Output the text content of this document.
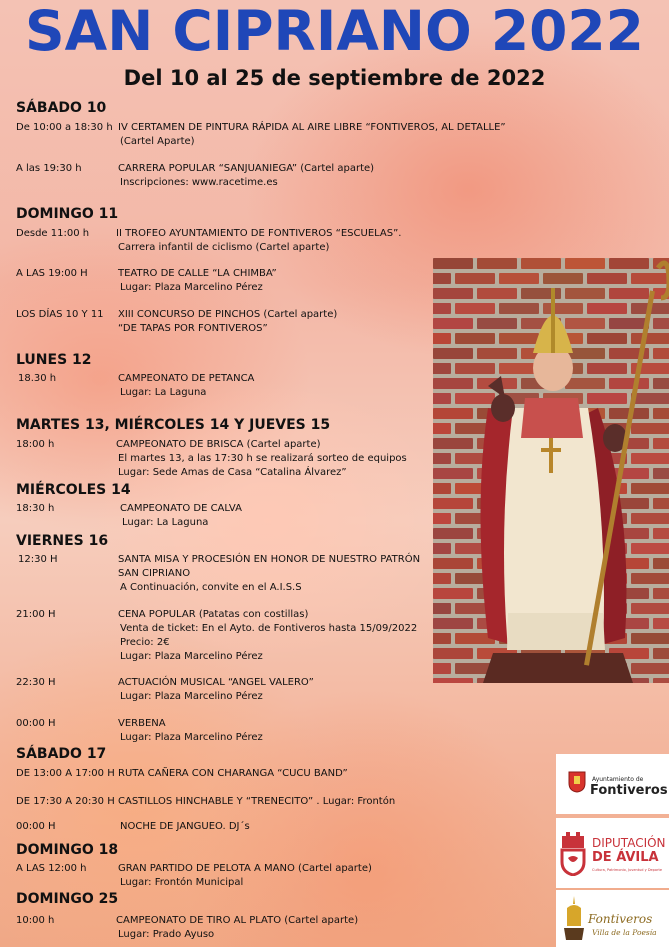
SAN CIPRIANO 2022
Del 10 al 25 de septiembre de 2022
SÁBADO 10
De 10:00 a 18:30 h IV CERTAMEN DE PINTURA RÁPIDA AL AIRE LIBRE “FONTIVEROS, AL DETALLE”
(Cartel Aparte)
A las 19:30 h	CARRERA POPULAR “SANJUANIEGA” (Cartel aparte)
Inscripciones: www.racetime.es
DOMINGO 11
Desde 11:00 h	II TROFEO AYUNTAMIENTO DE FONTIVEROS “ESCUELAS”.
Carrera infantil de ciclismo (Cartel aparte)
A LAS 19:00 H	TEATRO DE CALLE “LA CHIMBA”
Lugar: Plaza Marcelino Pérez
LOS DÍAS 10 Y 11 XIII CONCURSO DE PINCHOS (Cartel aparte)
“DE TAPAS POR FONTIVEROS”
LUNES 12
18.30 h	CAMPEONATO DE PETANCA
Lugar: La Laguna
MARTES 13, MIÉRCOLES 14 Y JUEVES 15
18:00 h	CAMPEONATO DE BRISCA (Cartel aparte)
El martes 13, a las 17:30 h se realizará sorteo de equipos
Lugar: Sede Amas de Casa “Catalina Álvarez”
MIÉRCOLES 14
18:30 h	CAMPEONATO DE CALVA
Lugar: La Laguna
VIERNES 16
12:30 H	SANTA MISA Y PROCESIÓN EN HONOR DE NUESTRO PATRÓN
SAN CIPRIANO
A Continuación, convite en el A.I.S.S
21:00 H	CENA POPULAR (Patatas con costillas)
Venta de ticket: En el Ayto. de Fontiveros hasta 15/09/2022
Precio: 2€
Lugar: Plaza Marcelino Pérez
22:30 H	ACTUACIÓN MUSICAL “ANGEL VALERO”
Lugar: Plaza Marcelino Pérez
00:00 H	VERBENA
Lugar: Plaza Marcelino Pérez
SÁBADO 17
DE 13:00 A 17:00 H RUTA CAÑERA CON CHARANGA “CUCU BAND”
DE 17:30 A 20:30 H CASTILLOS HINCHABLE Y “TRENECITO” . Lugar: Frontón
00:00 H	NOCHE DE JANGUEO. DJ´s
DOMINGO 18
A LAS 12:00 h	GRAN PARTIDO DE PELOTA A MANO (Cartel aparte)
Lugar: Frontón Municipal
DOMINGO 25
10:00 h	CAMPEONATO DE TIRO AL PLATO (Cartel aparte)
Lugar: Prado Ayuso
Ayuntamiento de
Fontiveros
DIPUTACIÓN
DE ÁVILA
Cultura, Patrimonio, Juventud y Deporte
Fontiveros
Villa de la Poesía
